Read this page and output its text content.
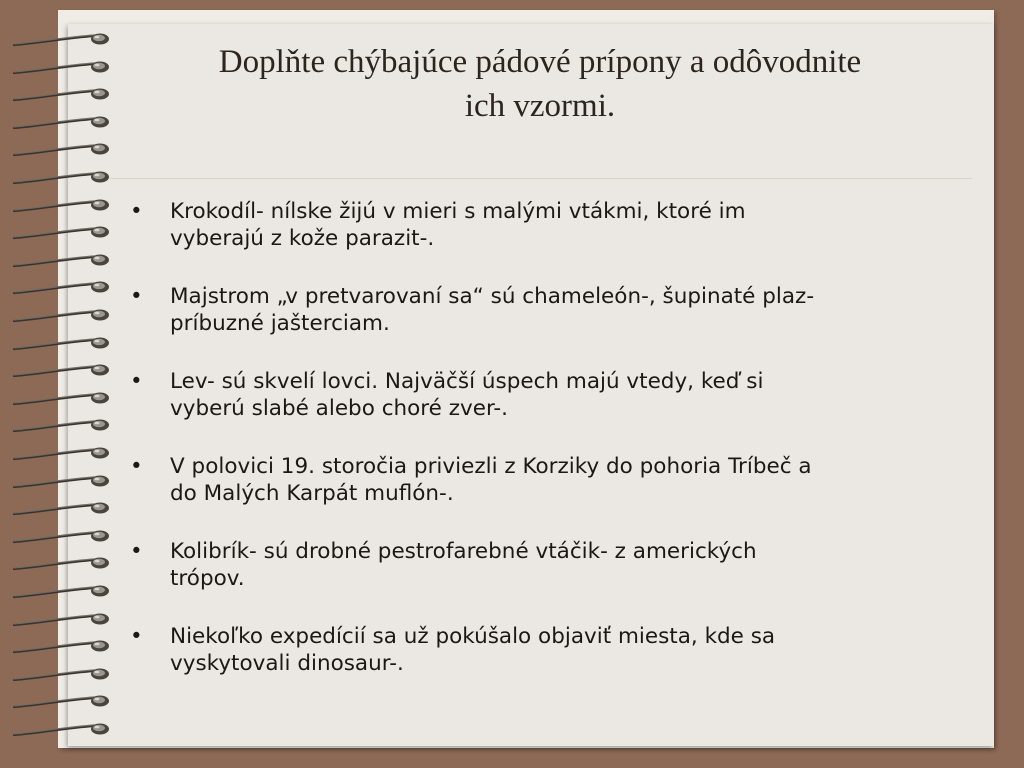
Doplňte chýbajúce pádové prípony a odôvodnite
ich vzormi.
• Krokodíl- nílske žijú v mieri s malými vtákmi, ktoré im
vyberajú z kože parazit-.
• Majstrom „v pretvarovaní sa“ sú chameleón-, šupinaté plaz-
príbuzné jašterciam.
• Lev- sú skvelí lovci. Najväčší úspech majú vtedy, keď si
vyberú slabé alebo choré zver-.
• V polovici 19. storočia priviezli z Korziky do pohoria Tríbeč a
do Malých Karpát muflón-.
• Kolibrík- sú drobné pestrofarebné vtáčik- z amerických
trópov.
• Niekoľko expedícií sa už pokúšalo objaviť miesta, kde sa
vyskytovali dinosaur-.
